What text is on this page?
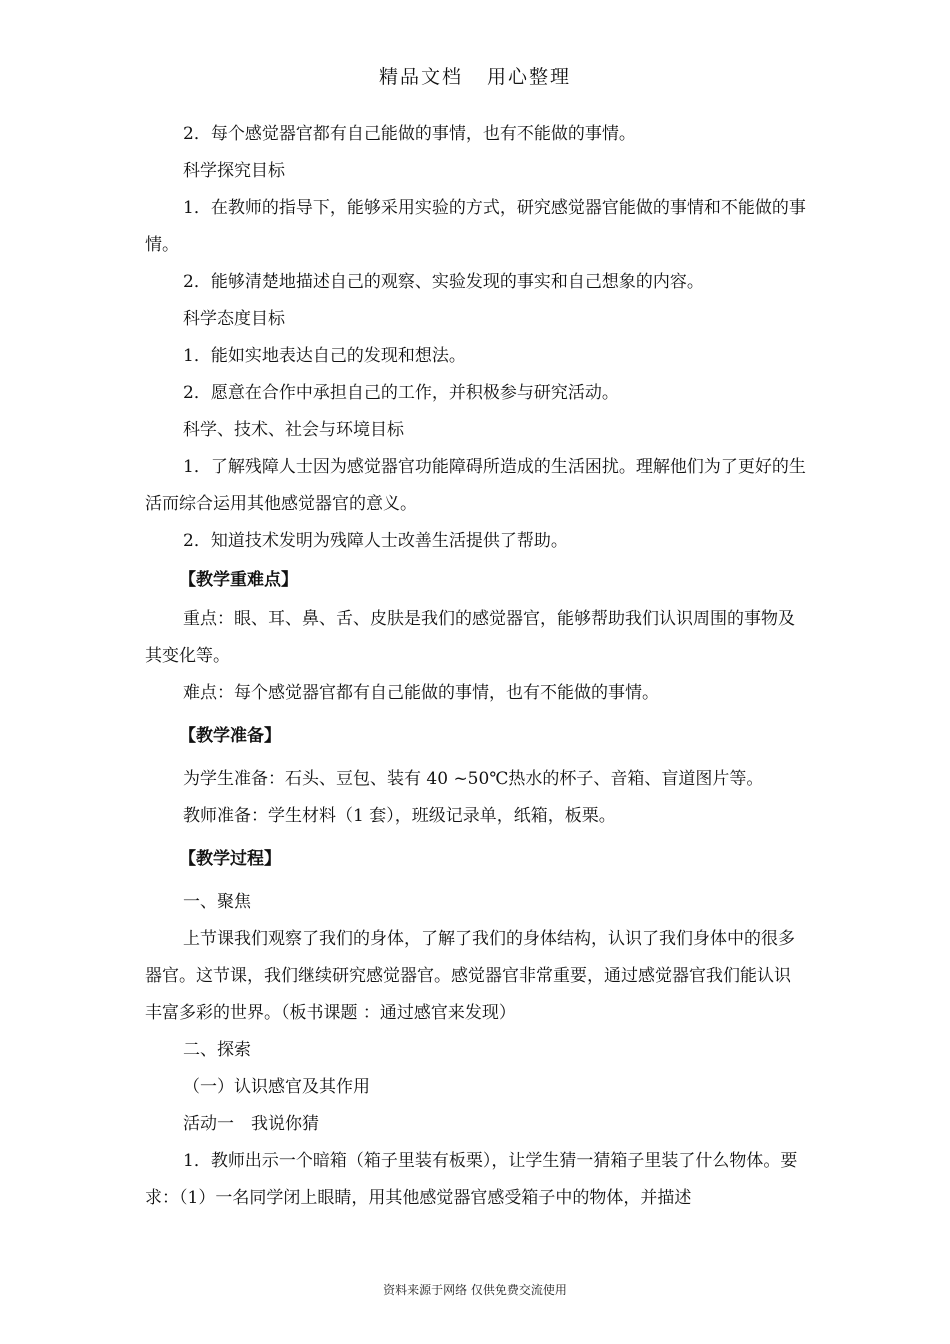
精品文档   用心整理

2．每个感觉器官都有自己能做的事情，也有不能做的事情。

科学探究目标

1．在教师的指导下，能够采用实验的方式，研究感觉器官能做的事情和不能做的事情。

2．能够清楚地描述自己的观察、实验发现的事实和自己想象的内容。

科学态度目标

1．能如实地表达自己的发现和想法。

2．愿意在合作中承担自己的工作，并积极参与研究活动。

科学、技术、社会与环境目标

1．了解残障人士因为感觉器官功能障碍所造成的生活困扰。理解他们为了更好的生活而综合运用其他感觉器官的意义。

2．知道技术发明为残障人士改善生活提供了帮助。

【教学重难点】

重点：眼、耳、鼻、舌、皮肤是我们的感觉器官，能够帮助我们认识周围的事物及其变化等。

难点：每个感觉器官都有自己能做的事情，也有不能做的事情。

【教学准备】

为学生准备：石头、豆包、装有 40 ~50℃热水的杯子、音箱、盲道图片等。

教师准备：学生材料（1 套），班级记录单，纸箱，板栗。

【教学过程】

一、聚焦

上节课我们观察了我们的身体，了解了我们的身体结构，认识了我们身体中的很多器官。这节课，我们继续研究感觉器官。感觉器官非常重要，通过感觉器官我们能认识丰富多彩的世界。（板书课题 ：通过感官来发现）

二、探索

（一）认识感官及其作用

活动一　我说你猜

1．教师出示一个暗箱（箱子里装有板栗），让学生猜一猜箱子里装了什么物体。要求：（1）一名同学闭上眼睛，用其他感觉器官感受箱子中的物体，并描述

资料来源于网络 仅供免费交流使用
